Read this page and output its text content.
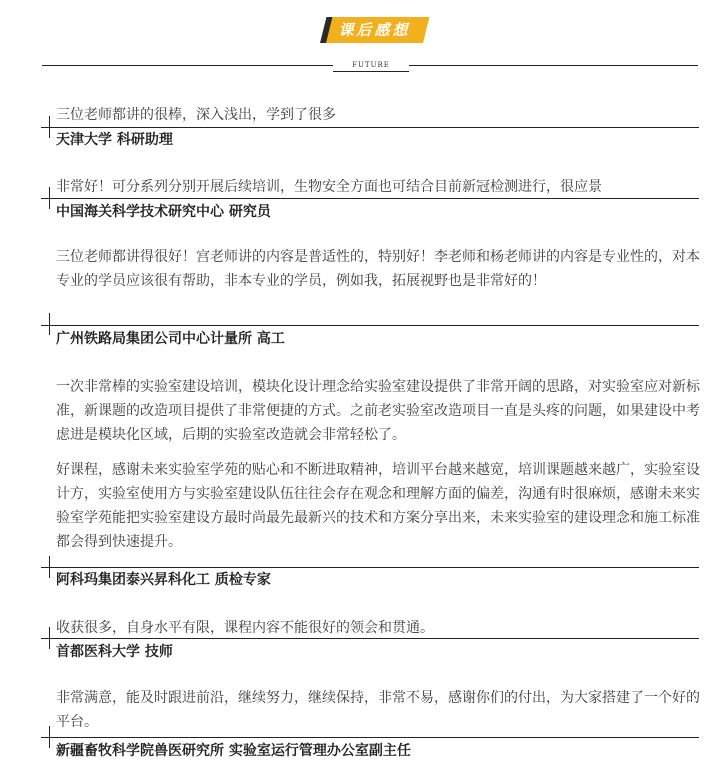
课后感想
FUTURE

三位老师都讲的很棒，深入浅出，学到了很多

天津大学 科研助理

非常好！可分系列分别开展后续培训，生物安全方面也可结合目前新冠检测进行，很应景

中国海关科学技术研究中心 研究员

三位老师都讲得很好！宫老师讲的内容是普适性的，特别好！李老师和杨老师讲的内容是专业性的，对本专业的学员应该很有帮助，非本专业的学员，例如我，拓展视野也是非常好的！

广州铁路局集团公司中心计量所 高工

一次非常棒的实验室建设培训，模块化设计理念给实验室建设提供了非常开阔的思路，对实验室应对新标准，新课题的改造项目提供了非常便捷的方式。之前老实验室改造项目一直是头疼的问题，如果建设中考虑进是模块化区域，后期的实验室改造就会非常轻松了。

好课程，感谢未来实验室学苑的贴心和不断进取精神，培训平台越来越宽，培训课题越来越广，实验室设计方，实验室使用方与实验室建设队伍往往会存在观念和理解方面的偏差，沟通有时很麻烦，感谢未来实验室学苑能把实验室建设方最时尚最先最新兴的技术和方案分享出来，未来实验室的建设理念和施工标准都会得到快速提升。

阿科玛集团泰兴昇科化工 质检专家

收获很多，自身水平有限，课程内容不能很好的领会和贯通。

首都医科大学 技师

非常满意，能及时跟进前沿，继续努力，继续保持，非常不易，感谢你们的付出，为大家搭建了一个好的平台。

新疆畜牧科学院兽医研究所 实验室运行管理办公室副主任
